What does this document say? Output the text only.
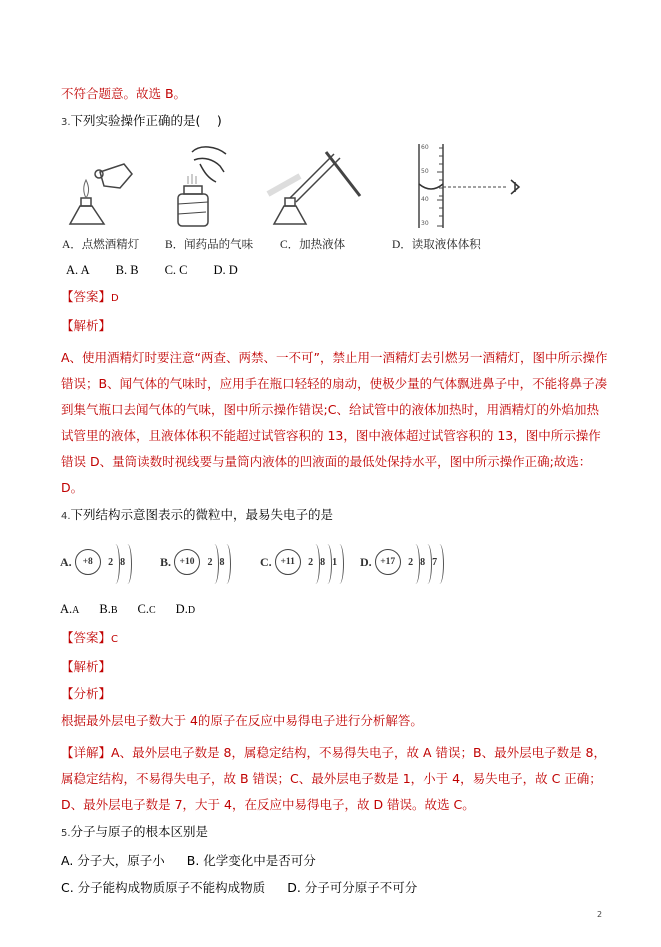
不符合题意。故选 B。
3.下列实验操作正确的是(　 )
60
50
40
30
A．点燃酒精灯 B．闻药品的气味 C．加热液体	D．读取液体体积
A. A B. B C. C D. D
【答案】D
【解析】
A、使用酒精灯时要注意“两查、两禁、一不可”，禁止用一酒精灯去引燃另一酒精灯，图中所示操作错误；B、闻气体的气味时，应用手在瓶口轻轻的扇动，使极少量的气体飘进鼻子中，不能将鼻子凑到集气瓶口去闻气体的气味，图中所示操作错误;C、给试管中的液体加热时，用酒精灯的外焰加热试管里的液体，且液体体积不能超过试管容积的 13，图中液体超过试管容积的 13，图中所示操作错误 D、量筒读数时视线要与量筒内液体的凹液面的最低处保持水平，图中所示操作正确;故选：D。
4.下列结构示意图表示的微粒中，最易失电子的是
A.	+8	2 8	B. +10	2 8	C. +11	2 8 1 D. +17	2 8 7
A.A B.B C.C D.D
【答案】C
【解析】
【分析】
根据最外层电子数大于 4的原子在反应中易得电子进行分析解答。
【详解】A、最外层电子数是 8，属稳定结构，不易得失电子，故 A 错误；B、最外层电子数是 8，属稳定结构，不易得失电子，故 B 错误；C、最外层电子数是 1，小于 4，易失电子，故 C 正确；D、最外层电子数是 7，大于 4，在反应中易得电子，故 D 错误。故选 C。
5.分子与原子的根本区别是
A. 分子大，原子小 B. 化学变化中是否可分
C. 分子能构成物质原子不能构成物质 D. 分子可分原子不可分
2
